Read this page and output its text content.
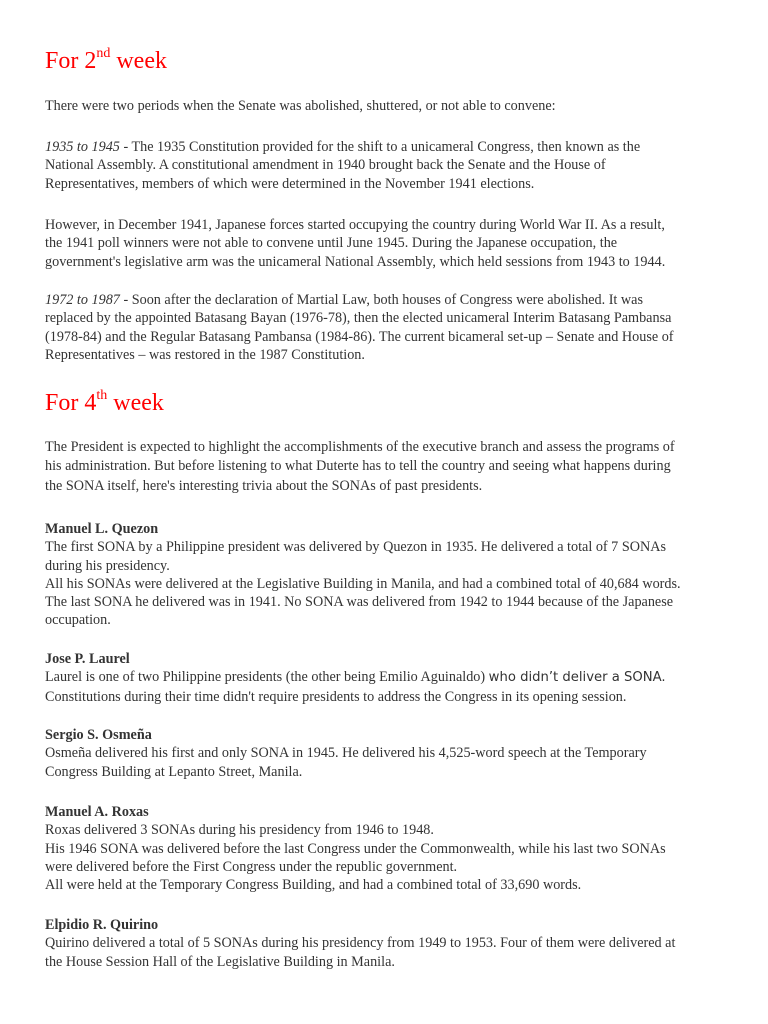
For 2nd week

There were two periods when the Senate was abolished, shuttered, or not able to convene:

1935 to 1945 - The 1935 Constitution provided for the shift to a unicameral Congress, then known as the
National Assembly. A constitutional amendment in 1940 brought back the Senate and the House of
Representatives, members of which were determined in the November 1941 elections.

However, in December 1941, Japanese forces started occupying the country during World War II. As a result,
the 1941 poll winners were not able to convene until June 1945. During the Japanese occupation, the
government's legislative arm was the unicameral National Assembly, which held sessions from 1943 to 1944.

1972 to 1987 - Soon after the declaration of Martial Law, both houses of Congress were abolished. It was
replaced by the appointed Batasang Bayan (1976-78), then the elected unicameral Interim Batasang Pambansa
(1978-84) and the Regular Batasang Pambansa (1984-86). The current bicameral set-up – Senate and House of
Representatives – was restored in the 1987 Constitution.

For 4th week

The President is expected to highlight the accomplishments of the executive branch and assess the programs of
his administration. But before listening to what Duterte has to tell the country and seeing what happens during
the SONA itself, here's interesting trivia about the SONAs of past presidents.

Manuel L. Quezon
The first SONA by a Philippine president was delivered by Quezon in 1935. He delivered a total of 7 SONAs
during his presidency.
All his SONAs were delivered at the Legislative Building in Manila, and had a combined total of 40,684 words.
The last SONA he delivered was in 1941. No SONA was delivered from 1942 to 1944 because of the Japanese
occupation.

Jose P. Laurel
Laurel is one of two Philippine presidents (the other being Emilio Aguinaldo) who didn’t deliver a SONA.
Constitutions during their time didn't require presidents to address the Congress in its opening session.

Sergio S. Osmeña
Osmeña delivered his first and only SONA in 1945. He delivered his 4,525-word speech at the Temporary
Congress Building at Lepanto Street, Manila.

Manuel A. Roxas
Roxas delivered 3 SONAs during his presidency from 1946 to 1948.
His 1946 SONA was delivered before the last Congress under the Commonwealth, while his last two SONAs
were delivered before the First Congress under the republic government.
All were held at the Temporary Congress Building, and had a combined total of 33,690 words.

Elpidio R. Quirino
Quirino delivered a total of 5 SONAs during his presidency from 1949 to 1953. Four of them were delivered at
the House Session Hall of the Legislative Building in Manila.
